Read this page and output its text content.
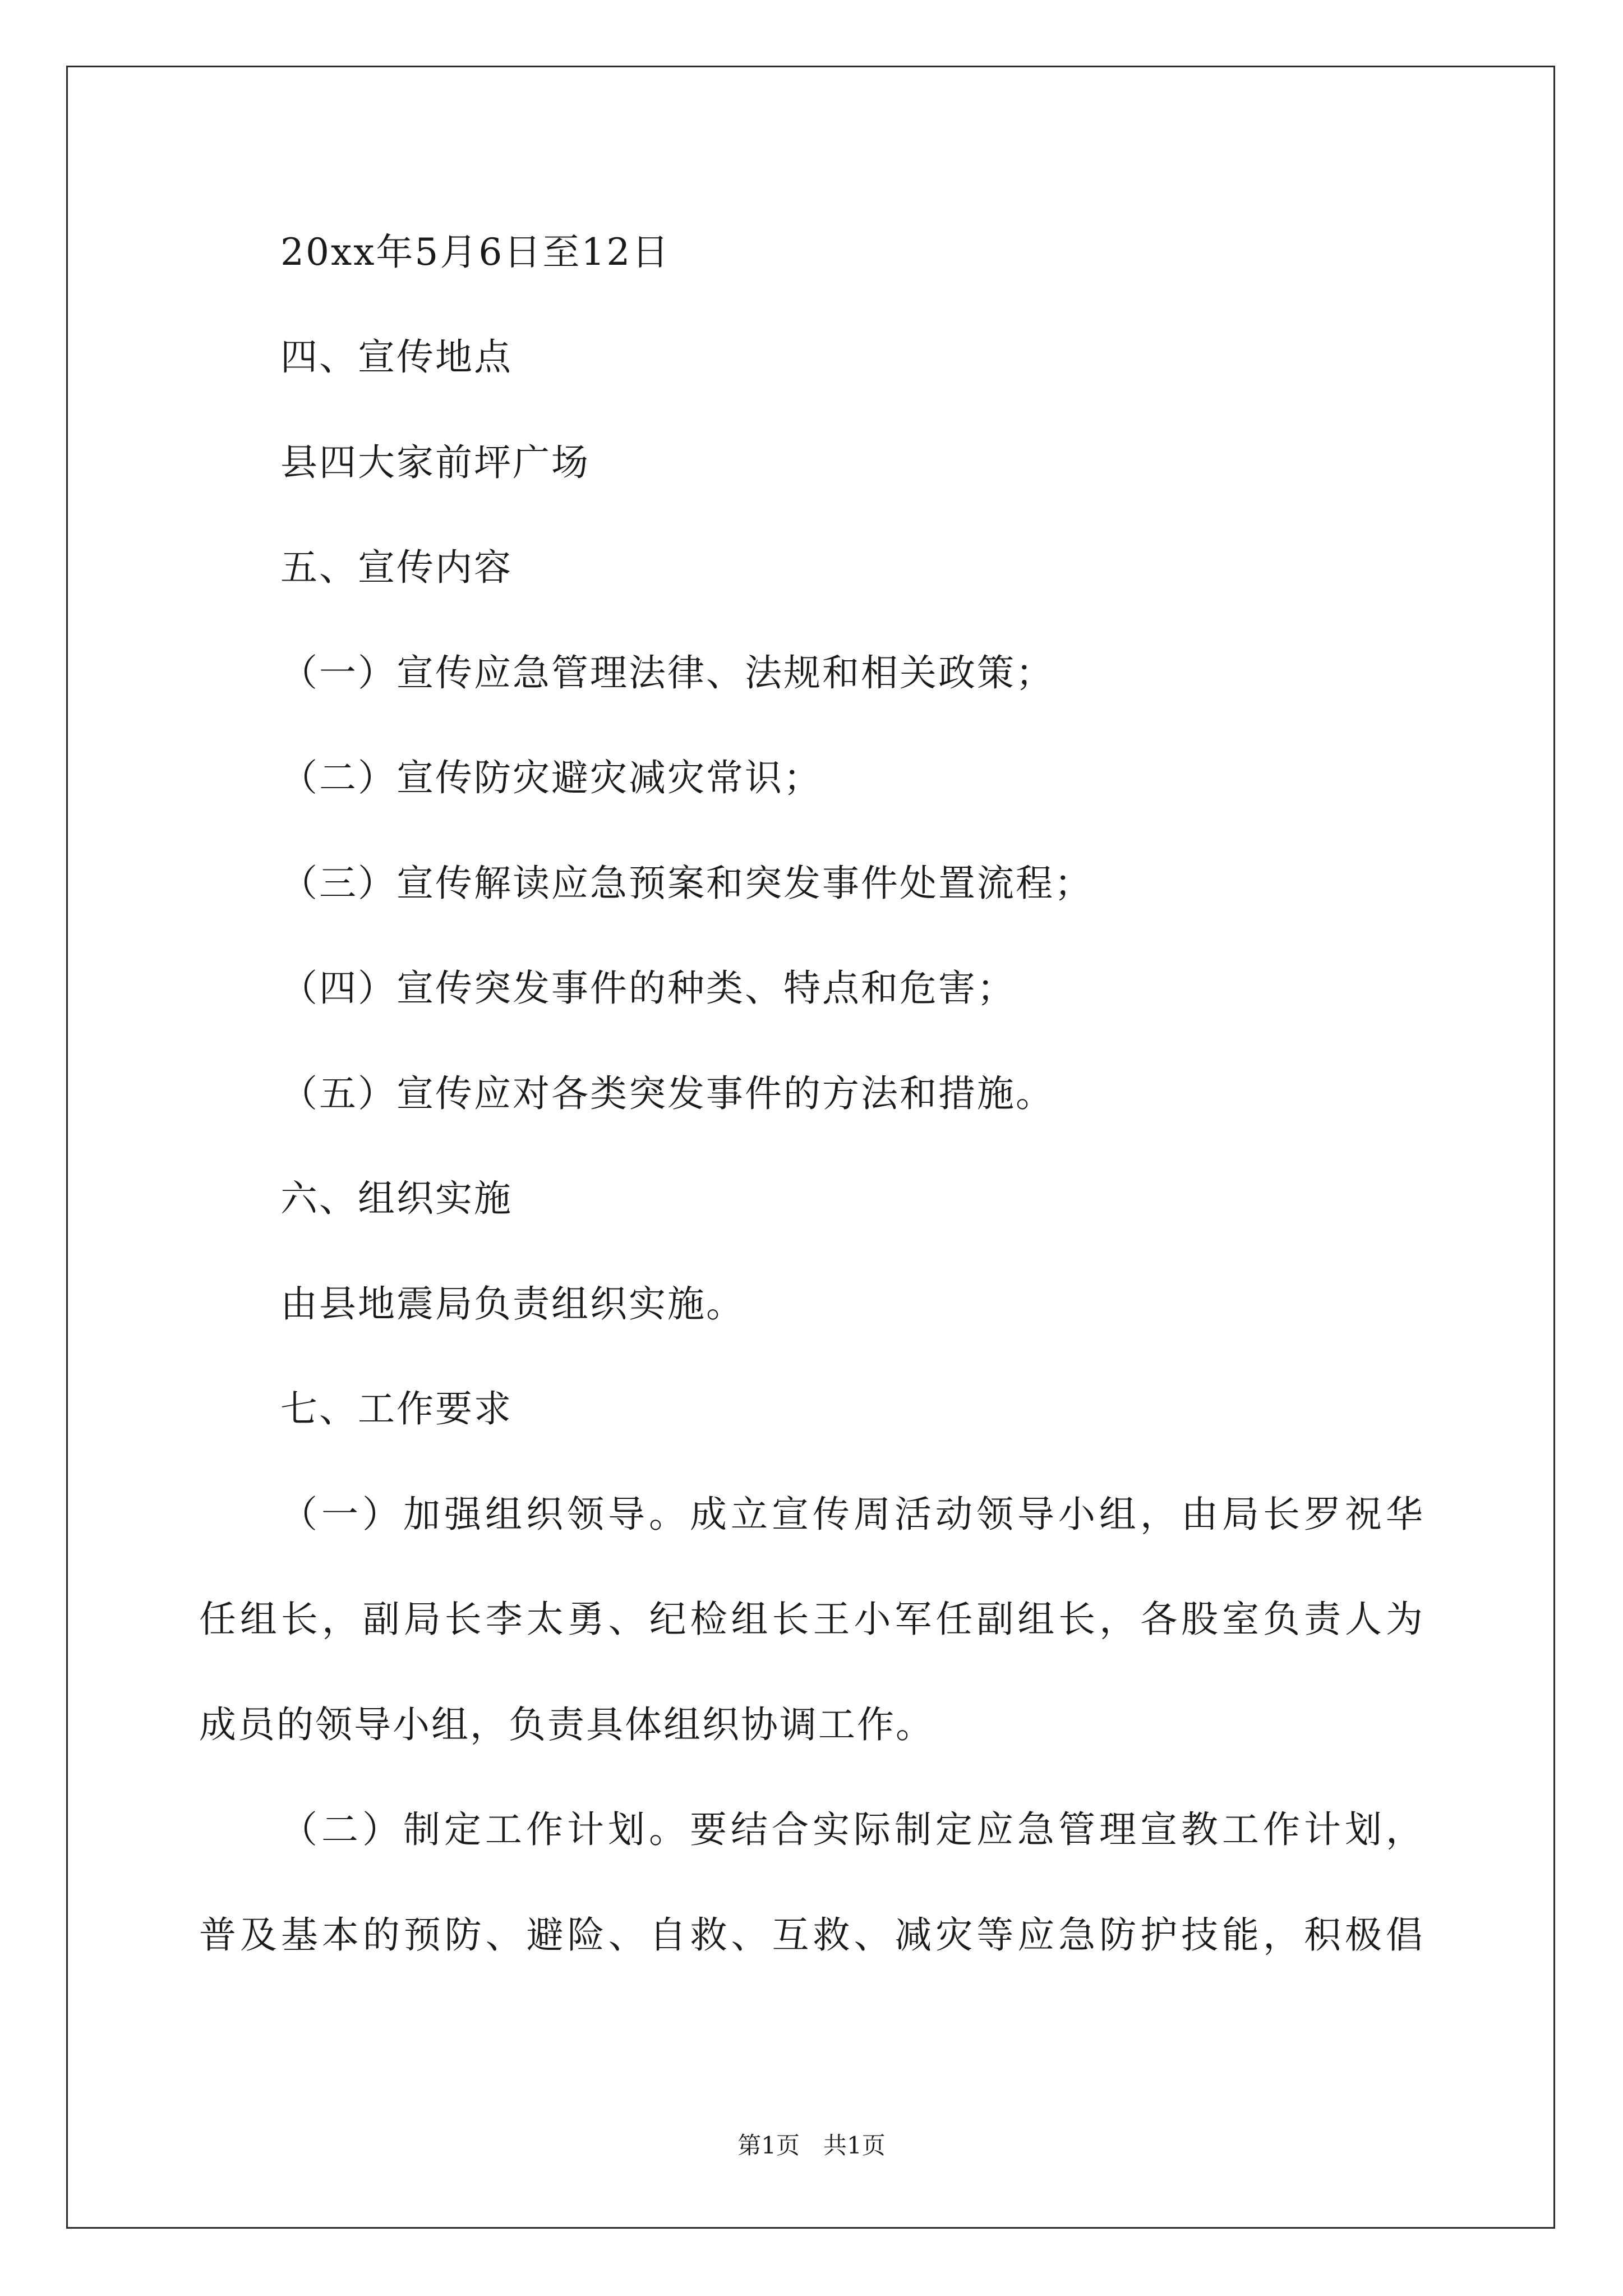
20xx年5月6日至12日
四、宣传地点
县四大家前坪广场
五、宣传内容
（一）宣传应急管理法律、法规和相关政策；
（二）宣传防灾避灾减灾常识；
（三）宣传解读应急预案和突发事件处置流程；
（四）宣传突发事件的种类、特点和危害；
（五）宣传应对各类突发事件的方法和措施。
六、组织实施
由县地震局负责组织实施。
七、工作要求
（一）加强组织领导。成立宣传周活动领导小组，由局长罗祝华
任组长，副局长李太勇、纪检组长王小军任副组长，各股室负责人为
成员的领导小组，负责具体组织协调工作。
（二）制定工作计划。要结合实际制定应急管理宣教工作计划，
普及基本的预防、避险、自救、互救、减灾等应急防护技能，积极倡
第1页　共1页
